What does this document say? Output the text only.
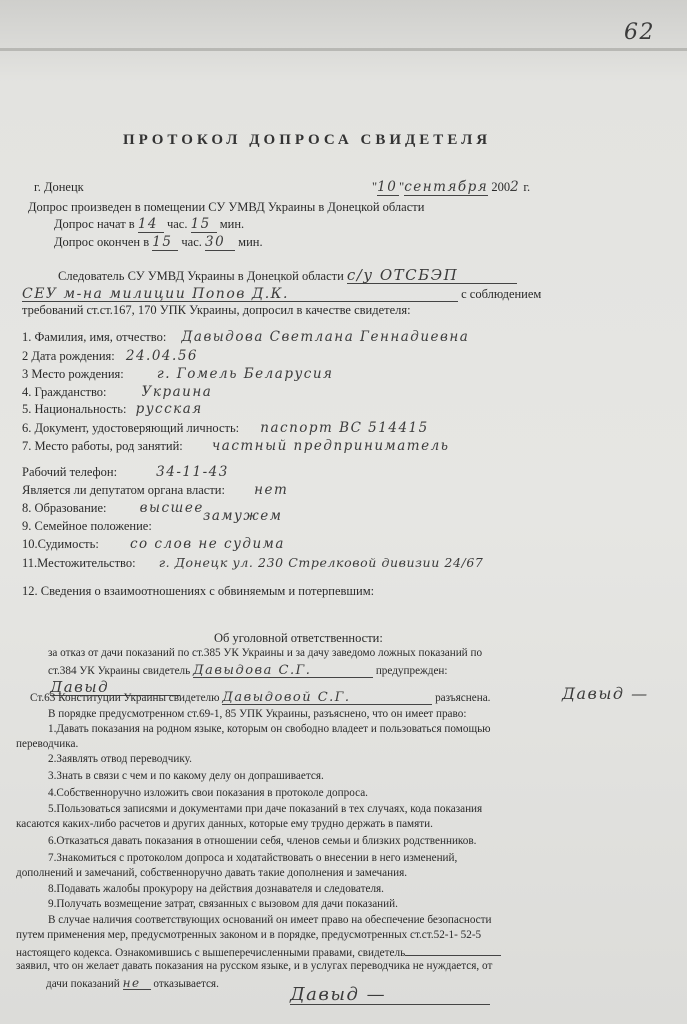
62
ПРОТОКОЛ ДОПРОСА СВИДЕТЕЛЯ
г. Донецк	"10 "сентября 2002 г.
Допрос произведен в помещении СУ УМВД Украины в Донецкой области
Допрос начат в 14 час. 15 мин.
Допрос окончен в 15 час. 30 мин.
Следователь СУ УМВД Украины в Донецкой области с/у ОТСБЭП
СЕУ м-на милиции Попов Д.К.	с соблюдением
требований ст.ст.167, 170 УПК Украины, допросил в качестве свидетеля:
1. Фамилия, имя, отчество: Давыдова Светлана Геннадиевна
2 Дата рождения: 24.04.56
3 Место рождения: г. Гомель Беларусия
4. Гражданство:	Украина
5. Национальность: русская
6. Документ, удостоверяющий личность: паспорт ВС 514415
7. Место работы, род занятий: частный предприниматель
Рабочий телефон:	34-11-43
Является ли депутатом органа власти: нет
8. Образование: высшее
9. Семейное положение: замужем
10.Судимость: со слов не судима
11.Местожительство: г. Донецк ул. 230 Стрелковой дивизии 24/67
12. Сведения о взаимоотношениях с обвиняемым и потерпевшим:
Об уголовной ответственности:
за отказ от дачи показаний по ст.385 УК Украины и за дачу заведомо ложных показаний по
ст.384 УК Украины свидетель Давыдова С.Г.	предупрежден:
Давыд
Ст.63 Конституции Украины свидетелю Давыдовой С.Г.	разъяснена.	Давыд —
В порядке предусмотренном ст.69-1, 85 УПК Украины, разъяснено, что он имеет право:
1.Давать показания на родном языке, которым он свободно владеет и пользоваться помощью
переводчика.
2.Заявлять отвод переводчику.
3.Знать в связи с чем и по какому делу он допрашивается.
4.Собственноручно изложить свои показания в протоколе допроса.
5.Пользоваться записями и документами при даче показаний в тех случаях, кода показания
касаются каких-либо расчетов и других данных, которые ему трудно держать в памяти.
6.Отказаться давать показания в отношении себя, членов семьи и близких родственников.
7.Знакомиться с протоколом допроса и ходатайствовать о внесении в него изменений,
дополнений и замечаний, собственноручно давать такие дополнения и замечания.
8.Подавать жалобы прокурору на действия дознавателя и следователя.
9.Получать возмещение затрат, связанных с вызовом для дачи показаний.
В случае наличия соответствующих оснований он имеет право на обеспечение безопасности
путем применения мер, предусмотренных законом и в порядке, предусмотренных ст.ст.52-1- 52-5
настоящего кодекса. Ознакомившись с вышеперечисленными правами, свидетель
заявил, что он желает давать показания на русском языке, и в услугах переводчика не нуждается, от
дачи показаний не отказывается.	Давыд —
